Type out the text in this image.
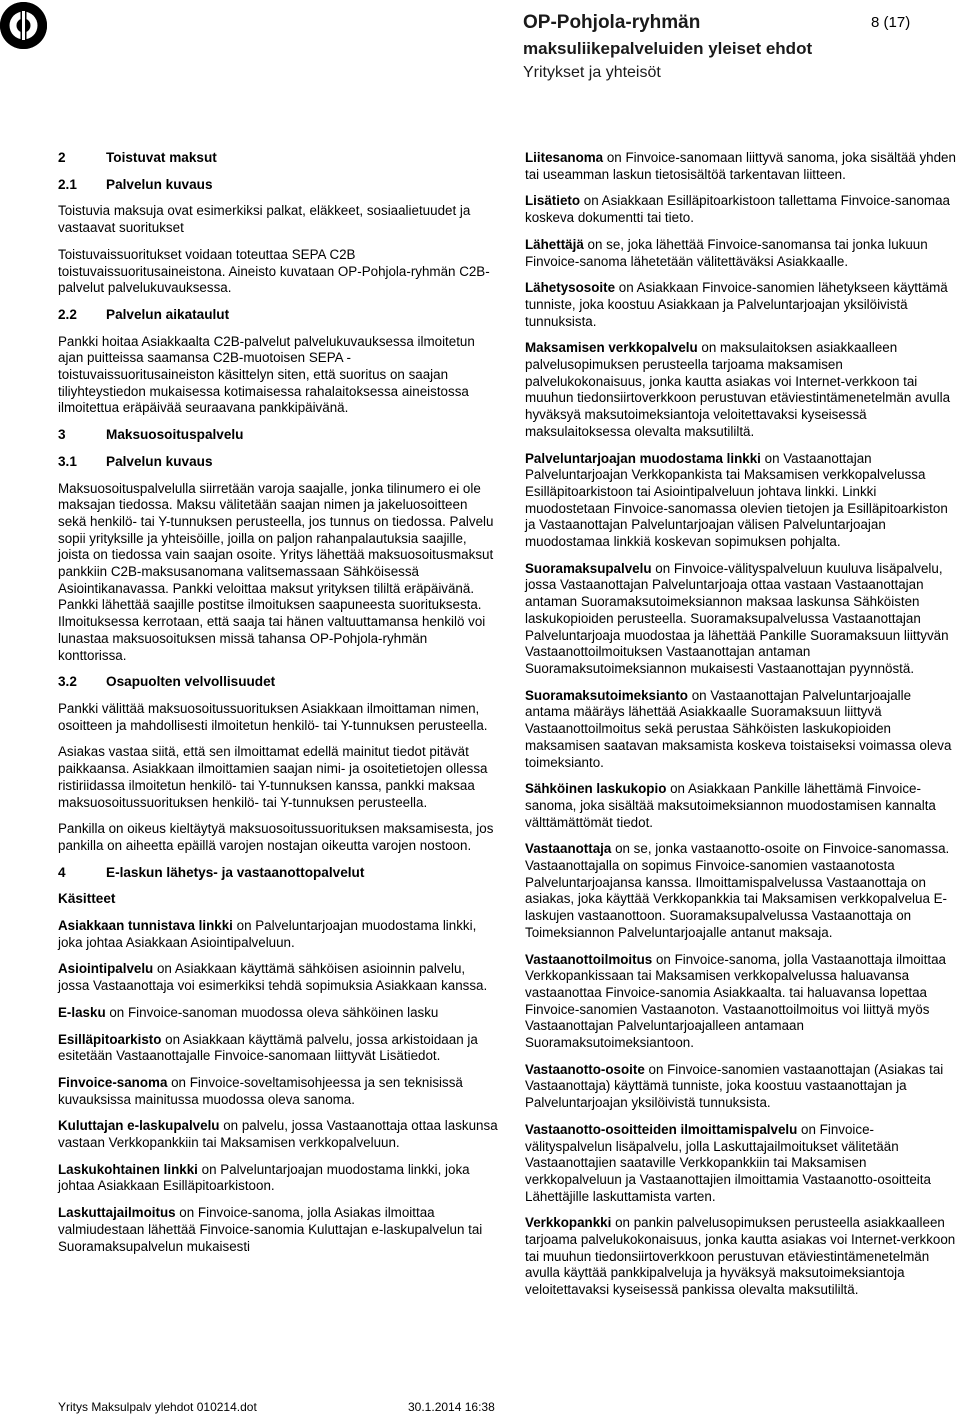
OP-Pohjola-ryhmän
maksuliikepalveluiden yleiset ehdot
Yritykset ja yhteisöt
8 (17)
2	Toistuvat maksut
2.1	Palvelun kuvaus

Toistuvia maksuja ovat esimerkiksi palkat, eläkkeet, sosiaalietuudet ja vastaavat suoritukset

Toistuvaissuoritukset voidaan toteuttaa SEPA C2B toistuvaissuoritusaineistona. Aineisto kuvataan OP-Pohjola-ryhmän C2B-palvelut palvelukuvauksessa.

2.2	Palvelun aikataulut

Pankki hoitaa Asiakkaalta C2B-palvelut palvelukuvauksessa ilmoitetun ajan puitteissa saamansa C2B-muotoisen SEPA - toistuvaissuoritusaineiston käsittelyn siten, että suoritus on saajan tiliyhteystiedon mukaisessa kotimaisessa rahalaitoksessa aineistossa ilmoitettua eräpäivää seuraavana pankkipäivänä.

3	Maksuosoituspalvelu
3.1	Palvelun kuvaus

Maksuosoituspalvelulla siirretään varoja saajalle, jonka tilinumero ei ole maksajan tiedossa. Maksu välitetään saajan nimen ja jakeluosoitteen sekä henkilö- tai Y-tunnuksen perusteella, jos tunnus on tiedossa. Palvelu sopii yrityksille ja yhteisöille, joilla on paljon rahanpalautuksia saajille, joista on tiedossa vain saajan osoite. Yritys lähettää maksuosoitusmaksut pankkiin C2B-maksusanomana valitsemassaan Sähköisessä Asiointikanavassa. Pankki veloittaa maksut yrityksen tililtä eräpäivänä. Pankki lähettää saajille postitse ilmoituksen saapuneesta suorituksesta. Ilmoituksessa kerrotaan, että saaja tai hänen valtuuttamansa henkilö voi lunastaa maksuosoituksen missä tahansa OP-Pohjola-ryhmän konttorissa.

3.2	Osapuolten velvollisuudet

Pankki välittää maksuosoitussuorituksen Asiakkaan ilmoittaman nimen, osoitteen ja mahdollisesti ilmoitetun henkilö- tai Y-tunnuksen perusteella.

Asiakas vastaa siitä, että sen ilmoittamat edellä mainitut tiedot pitävät paikkaansa. Asiakkaan ilmoittamien saajan nimi- ja osoitetietojen ollessa ristiriidassa ilmoitetun henkilö- tai Y-tunnuksen kanssa, pankki maksaa maksuosoitussuorituksen henkilö- tai Y-tunnuksen perusteella.

Pankilla on oikeus kieltäytyä maksuosoitussuorituksen maksamisesta, jos pankilla on aiheetta epäillä varojen nostajan oikeutta varojen nostoon.

4	E-laskun lähetys- ja vastaanottopalvelut
Käsitteet

Asiakkaan tunnistava linkki on Palveluntarjoajan muodostama linkki, joka johtaa Asiakkaan Asiointipalveluun.

Asiointipalvelu on Asiakkaan käyttämä sähköisen asioinnin palvelu, jossa Vastaanottaja voi esimerkiksi tehdä sopimuksia Asiakkaan kanssa.

E-lasku on Finvoice-sanoman muodossa oleva sähköinen lasku

Esilläpitoarkisto on Asiakkaan käyttämä palvelu, jossa arkistoidaan ja esitetään Vastaanottajalle Finvoice-sanomaan liittyvät Lisätiedot.

Finvoice-sanoma on Finvoice-soveltamisohjeessa ja sen teknisissä kuvauksissa mainitussa muodossa oleva sanoma.

Kuluttajan e-laskupalvelu on palvelu, jossa Vastaanottaja ottaa laskunsa vastaan Verkkopankkiin tai Maksamisen verkkopalveluun.

Laskukohtainen linkki on Palveluntarjoajan muodostama linkki, joka johtaa Asiakkaan Esilläpitoarkistoon.

Laskuttajailmoitus on Finvoice-sanoma, jolla Asiakas ilmoittaa valmiudestaan lähettää Finvoice-sanomia Kuluttajan e-laskupalvelun tai Suoramaksupalvelun mukaisesti

Liitesanoma on Finvoice-sanomaan liittyvä sanoma, joka sisältää yhden tai useamman laskun tietosisältöä tarkentavan liitteen.

Lisätieto on Asiakkaan Esilläpitoarkistoon tallettama Finvoice-sanomaa koskeva dokumentti tai tieto.

Lähettäjä on se, joka lähettää Finvoice-sanomansa tai jonka lukuun Finvoice-sanoma lähetetään välitettäväksi Asiakkaalle.

Lähetysosoite on Asiakkaan Finvoice-sanomien lähetykseen käyttämä tunniste, joka koostuu Asiakkaan ja Palveluntarjoajan yksilöivistä tunnuksista.

Maksamisen verkkopalvelu on maksulaitoksen asiakkaalleen palvelusopimuksen perusteella tarjoama maksamisen palvelukokonaisuus, jonka kautta asiakas voi Internet-verkkoon tai muuhun tiedonsiirtoverkkoon perustuvan etäviestintämenetelmän avulla hyväksyä maksutoimeksiantoja veloitettavaksi kyseisessä maksulaitoksessa olevalta maksutililtä.

Palveluntarjoajan muodostama linkki on Vastaanottajan Palveluntarjoajan Verkkopankista tai Maksamisen verkkopalvelussa Esilläpitoarkistoon tai Asiointipalveluun johtava linkki. Linkki muodostetaan Finvoice-sanomassa olevien tietojen ja Esilläpitoarkiston ja Vastaanottajan Palveluntarjoajan välisen Palveluntarjoajan muodostamaa linkkiä koskevan sopimuksen pohjalta.

Suoramaksupalvelu on Finvoice-välityspalveluun kuuluva lisäpalvelu, jossa Vastaanottajan Palveluntarjoaja ottaa vastaan Vastaanottajan antaman Suoramaksutoimeksiannon maksaa laskunsa Sähköisten laskukopioiden perusteella. Suoramaksupalvelussa Vastaanottajan Palveluntarjoaja muodostaa ja lähettää Pankille Suoramaksuun liittyvän Vastaanottoilmoituksen Vastaanottajan antaman Suoramaksutoimeksiannon mukaisesti Vastaanottajan pyynnöstä.

Suoramaksutoimeksianto on Vastaanottajan Palveluntarjoajalle antama määräys lähettää Asiakkaalle Suoramaksuun liittyvä Vastaanottoilmoitus sekä perustaa Sähköisten laskukopioiden maksamisen saatavan maksamista koskeva toistaiseksi voimassa oleva toimeksianto.

Sähköinen laskukopio on Asiakkaan Pankille lähettämä Finvoice-sanoma, joka sisältää maksutoimeksiannon muodostamisen kannalta välttämättömät tiedot.

Vastaanottaja on se, jonka vastaanotto-osoite on Finvoice-sanomassa. Vastaanottajalla on sopimus Finvoice-sanomien vastaanotosta Palveluntarjoajansa kanssa. Ilmoittamispalvelussa Vastaanottaja on asiakas, joka käyttää Verkkopankkia tai Maksamisen verkkopalvelua E-laskujen vastaanottoon. Suoramaksupalvelussa Vastaanottaja on Toimeksiannon Palveluntarjoajalle antanut maksaja.

Vastaanottoilmoitus on Finvoice-sanoma, jolla Vastaanottaja ilmoittaa Verkkopankissaan tai Maksamisen verkkopalvelussa haluavansa vastaanottaa Finvoice-sanomia Asiakkaalta. tai haluavansa lopettaa Finvoice-sanomien Vastaanoton. Vastaanottoilmoitus voi liittyä myös Vastaanottajan Palveluntarjoajalleen antamaan Suoramaksutoimeksiantoon.

Vastaanotto-osoite on Finvoice-sanomien vastaanottajan (Asiakas tai Vastaanottaja) käyttämä tunniste, joka koostuu vastaanottajan ja Palveluntarjoajan yksilöivistä tunnuksista.

Vastaanotto-osoitteiden ilmoittamispalvelu on Finvoice-välityspalvelun lisäpalvelu, jolla Laskuttajailmoitukset välitetään Vastaanottajien saataville Verkkopankkiin tai Maksamisen verkkopalveluun ja Vastaanottajien ilmoittamia Vastaanotto-osoitteita Lähettäjille laskuttamista varten.

Verkkopankki on pankin palvelusopimuksen perusteella asiakkaalleen tarjoama palvelukokonaisuus, jonka kautta asiakas voi Internet-verkkoon tai muuhun tiedonsiirtoverkkoon perustuvan etäviestintämenetelmän avulla käyttää pankkipalveluja ja hyväksyä maksutoimeksiantoja veloitettavaksi kyseisessä pankissa olevalta maksutililtä.

Yritys Maksulpalv ylehdot 010214.dot	30.1.2014 16:38
